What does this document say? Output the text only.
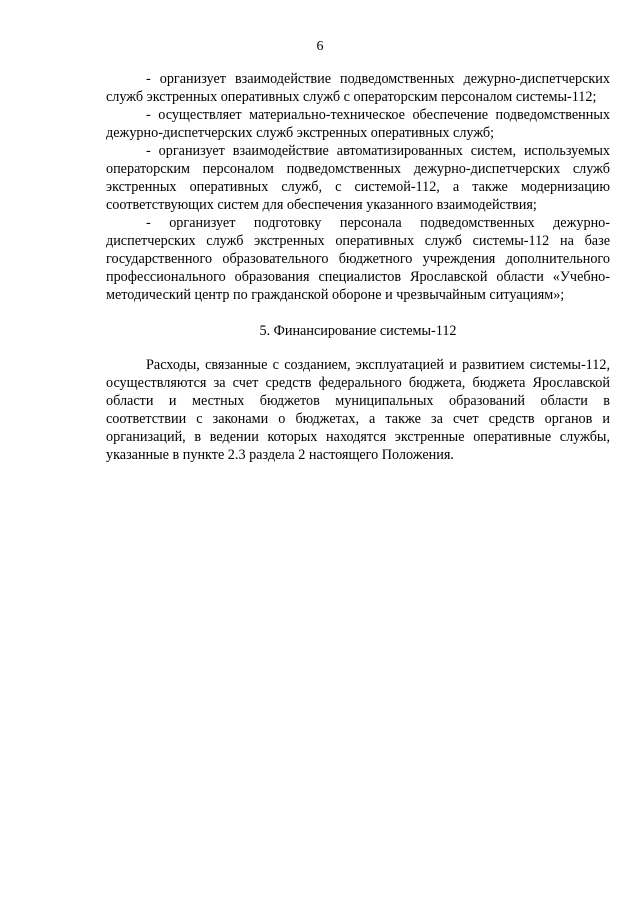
6

- организует взаимодействие подведомственных дежурно-диспетчерских служб экстренных оперативных служб с операторским персоналом системы-112;

- осуществляет материально-техническое обеспечение подведомственных дежурно-диспетчерских служб экстренных оперативных служб;

- организует взаимодействие автоматизированных систем, используемых операторским персоналом подведомственных дежурно-диспетчерских служб экстренных оперативных служб, с системой-112, а также модернизацию соответствующих систем для обеспечения указанного взаимодействия;

- организует подготовку персонала подведомственных дежурно-диспетчерских служб экстренных оперативных служб системы-112 на базе государственного образовательного бюджетного учреждения дополнительного профессионального образования специалистов Ярославской области «Учебно-методический центр по гражданской обороне и чрезвычайным ситуациям»;

5. Финансирование системы-112

Расходы, связанные с созданием, эксплуатацией и развитием системы-112, осуществляются за счет средств федерального бюджета, бюджета Ярославской области и местных бюджетов муниципальных образований области в соответствии с законами о бюджетах, а также за счет средств органов и организаций, в ведении которых находятся экстренные оперативные службы, указанные в пункте 2.3 раздела 2 настоящего Положения.
